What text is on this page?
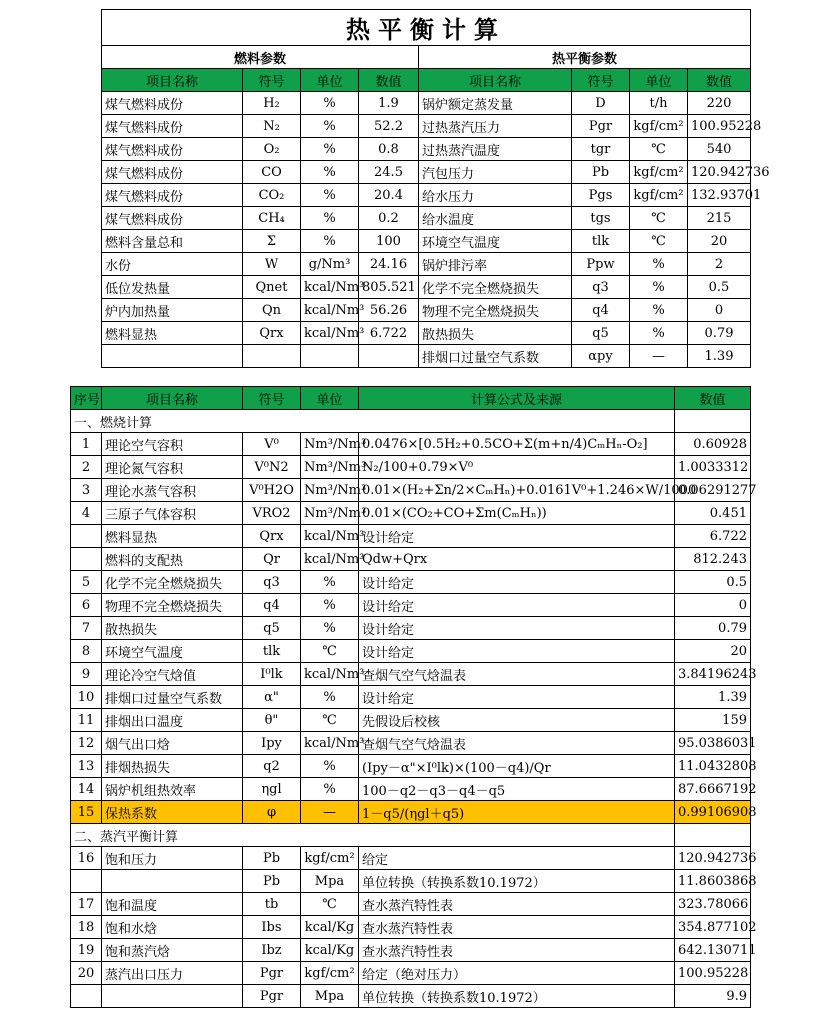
热平衡计算							
燃料参数				热平衡参数			
项目名称	符号	单位	数值	项目名称	符号	单位	数值
煤气燃料成份	H₂	%	1.9	锅炉额定蒸发量	D	t/h	220
煤气燃料成份	N₂	%	52.2	过热蒸汽压力	Pgr	kgf/cm²	100.95228
煤气燃料成份	O₂	%	0.8	过热蒸汽温度	tgr	℃	540
煤气燃料成份	CO	%	24.5	汽包压力	Pb	kgf/cm²	120.942736
煤气燃料成份	CO₂	%	20.4	给水压力	Pgs	kgf/cm²	132.93701
煤气燃料成份	CH₄	%	0.2	给水温度	tgs	℃	215
燃料含量总和	Σ	%	100	环境空气温度	tlk	℃	20
水份	W	g/Nm³	24.16	锅炉排污率	Ppw	%	2
低位发热量	Qnet	kcal/Nm³	805.521	化学不完全燃烧损失	q3	%	0.5
炉内加热量	Qn	kcal/Nm³	56.26	物理不完全燃烧损失	q4	%	0
燃料显热	Qrx	kcal/Nm³	6.722	散热损失	q5	%	0.79
				排烟口过量空气系数	αpy	—	1.39
序号	项目名称	符号	单位	计算公式及来源	数值
一、燃烧计算					
1	理论空气容积	V⁰	Nm³/Nm³	0.0476×[0.5H₂+0.5CO+Σ(m+n/4)CₘHₙ-O₂]	0.60928
2	理论氮气容积	V⁰N2	Nm³/Nm³	N₂/100+0.79×V⁰	1.0033312
3	理论水蒸气容积	V⁰H2O	Nm³/Nm³	0.01×(H₂+Σn/2×CₘHₙ)+0.0161V⁰+1.246×W/1000	0.06291277
4	三原子气体容积	VRO2	Nm³/Nm³	0.01×(CO₂+CO+Σm(CₘHₙ))	0.451
	燃料显热	Qrx	kcal/Nm³	设计给定	6.722
	燃料的支配热	Qr	kcal/Nm³	Qdw+Qrx	812.243
5	化学不完全燃烧损失	q3	%	设计给定	0.5
6	物理不完全燃烧损失	q4	%	设计给定	0
7	散热损失	q5	%	设计给定	0.79
8	环境空气温度	tlk	℃	设计给定	20
9	理论冷空气焓值	I⁰lk	kcal/Nm³	查烟气空气焓温表	3.84196243
10	排烟口过量空气系数	α"	%	设计给定	1.39
11	排烟出口温度	θ"	℃	先假设后校核	159
12	烟气出口焓	Ipy	kcal/Nm³	查烟气空气焓温表	95.0386031
13	排烟热损失	q2	%	(Ipy－α"×I⁰lk)×(100－q4)/Qr	11.0432808
14	锅炉机组热效率	ηgl	%	100－q2－q3－q4－q5	87.6667192
15	保热系数	φ	—	1－q5/(ηgl＋q5)	0.99106908
二、蒸汽平衡计算					
16	饱和压力	Pb	kgf/cm²	给定	120.942736
		Pb	Mpa	单位转换（转换系数10.1972）	11.8603868
17	饱和温度	tb	℃	查水蒸汽特性表	323.78066
18	饱和水焓	Ibs	kcal/Kg	查水蒸汽特性表	354.877102
19	饱和蒸汽焓	Ibz	kcal/Kg	查水蒸汽特性表	642.130711
20	蒸汽出口压力	Pgr	kgf/cm²	给定（绝对压力）	100.95228
		Pgr	Mpa	单位转换（转换系数10.1972）	9.9
